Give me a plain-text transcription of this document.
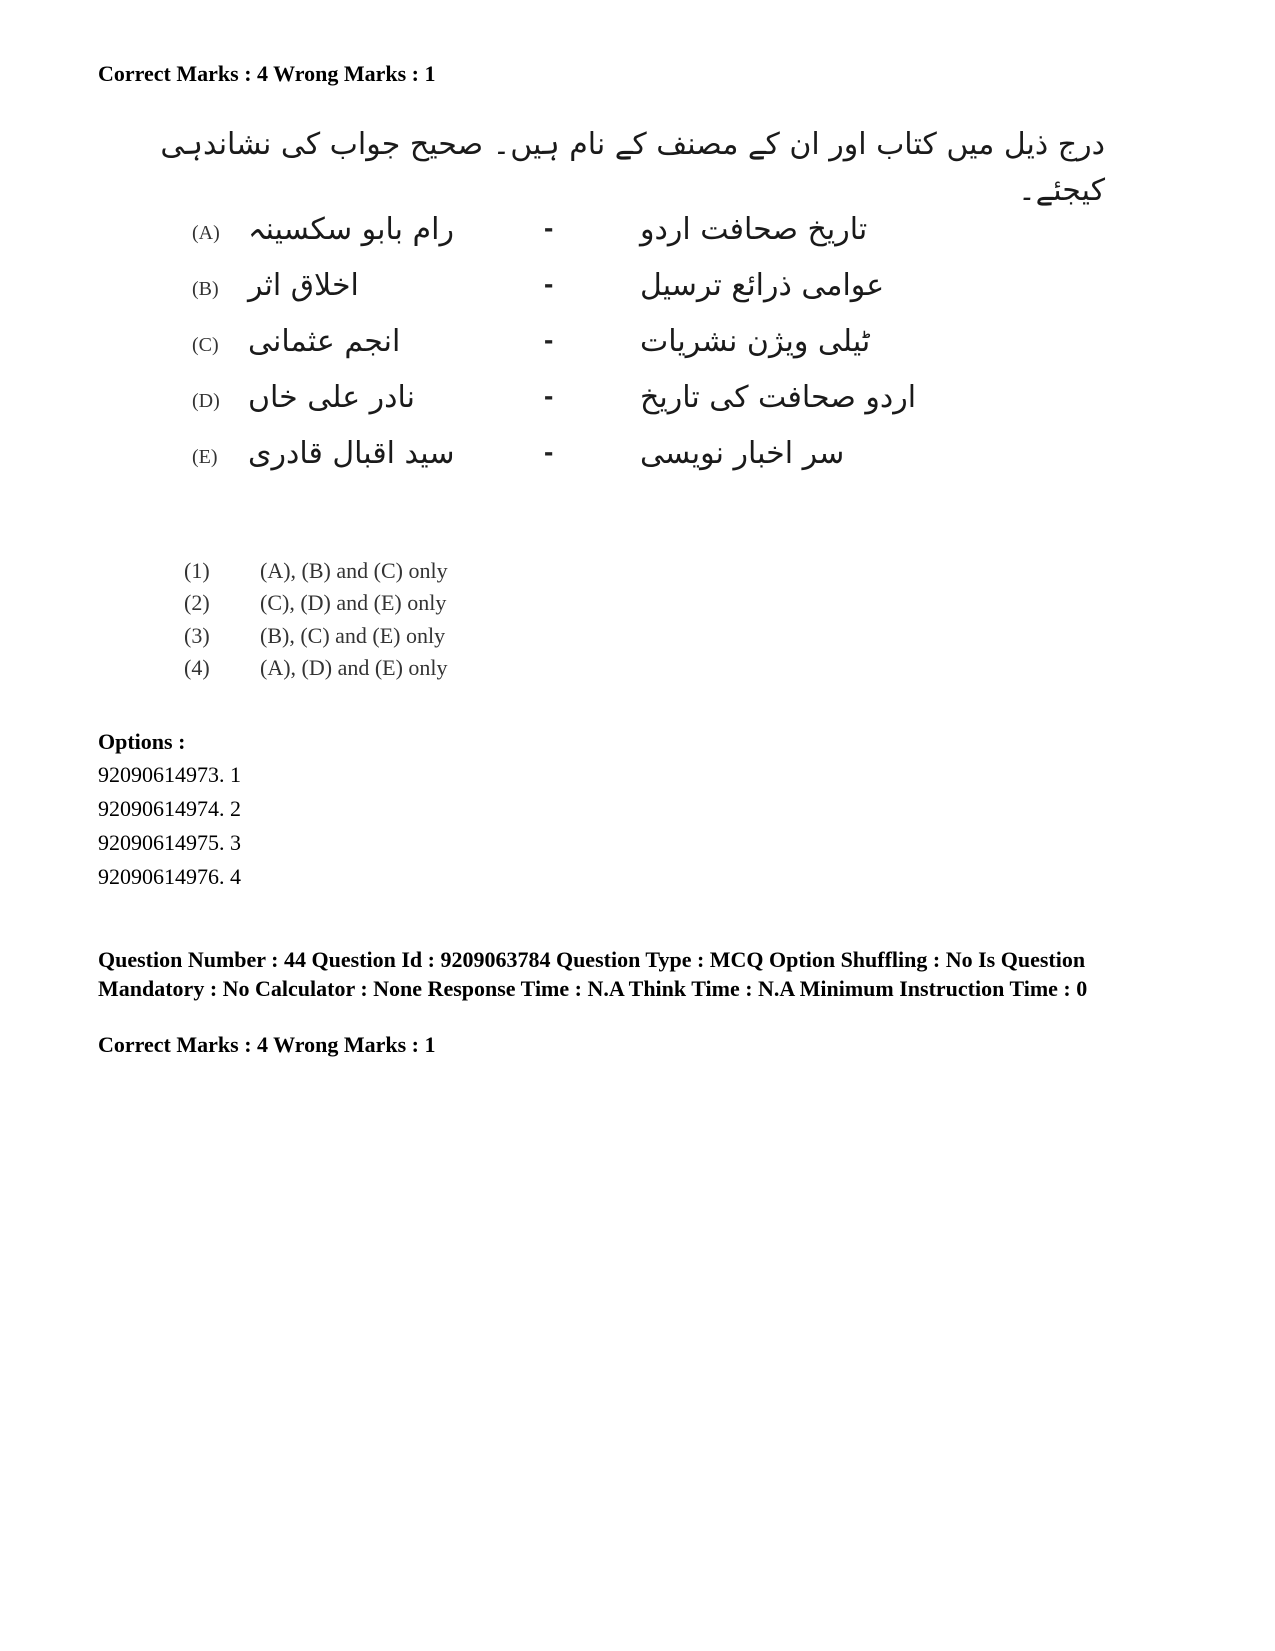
Correct Marks : 4 Wrong Marks : 1
درج ذیل میں کتاب اور ان کے مصنف کے نام ہیں۔ صحیح جواب کی نشاندہی کیجئے۔
(A) رام بابو سکسینہ	-	تاریخ صحافت اردو
(B) اخلاق اثر	-	عوامی ذرائع ترسیل
(C) انجم عثمانی	-	ٹیلی ویژن نشریات
(D) نادر علی خاں	-	اردو صحافت کی تاریخ
(E) سید اقبال قادری	-	سر اخبار نویسی
(1) (A), (B) and (C) only
(2) (C), (D) and (E) only
(3) (B), (C) and (E) only
(4) (A), (D) and (E) only
Options :
92090614973. 1
92090614974. 2
92090614975. 3
92090614976. 4
Question Number : 44 Question Id : 9209063784 Question Type : MCQ Option Shuffling : No Is Question Mandatory : No Calculator : None Response Time : N.A Think Time : N.A Minimum Instruction Time : 0
Correct Marks : 4 Wrong Marks : 1
